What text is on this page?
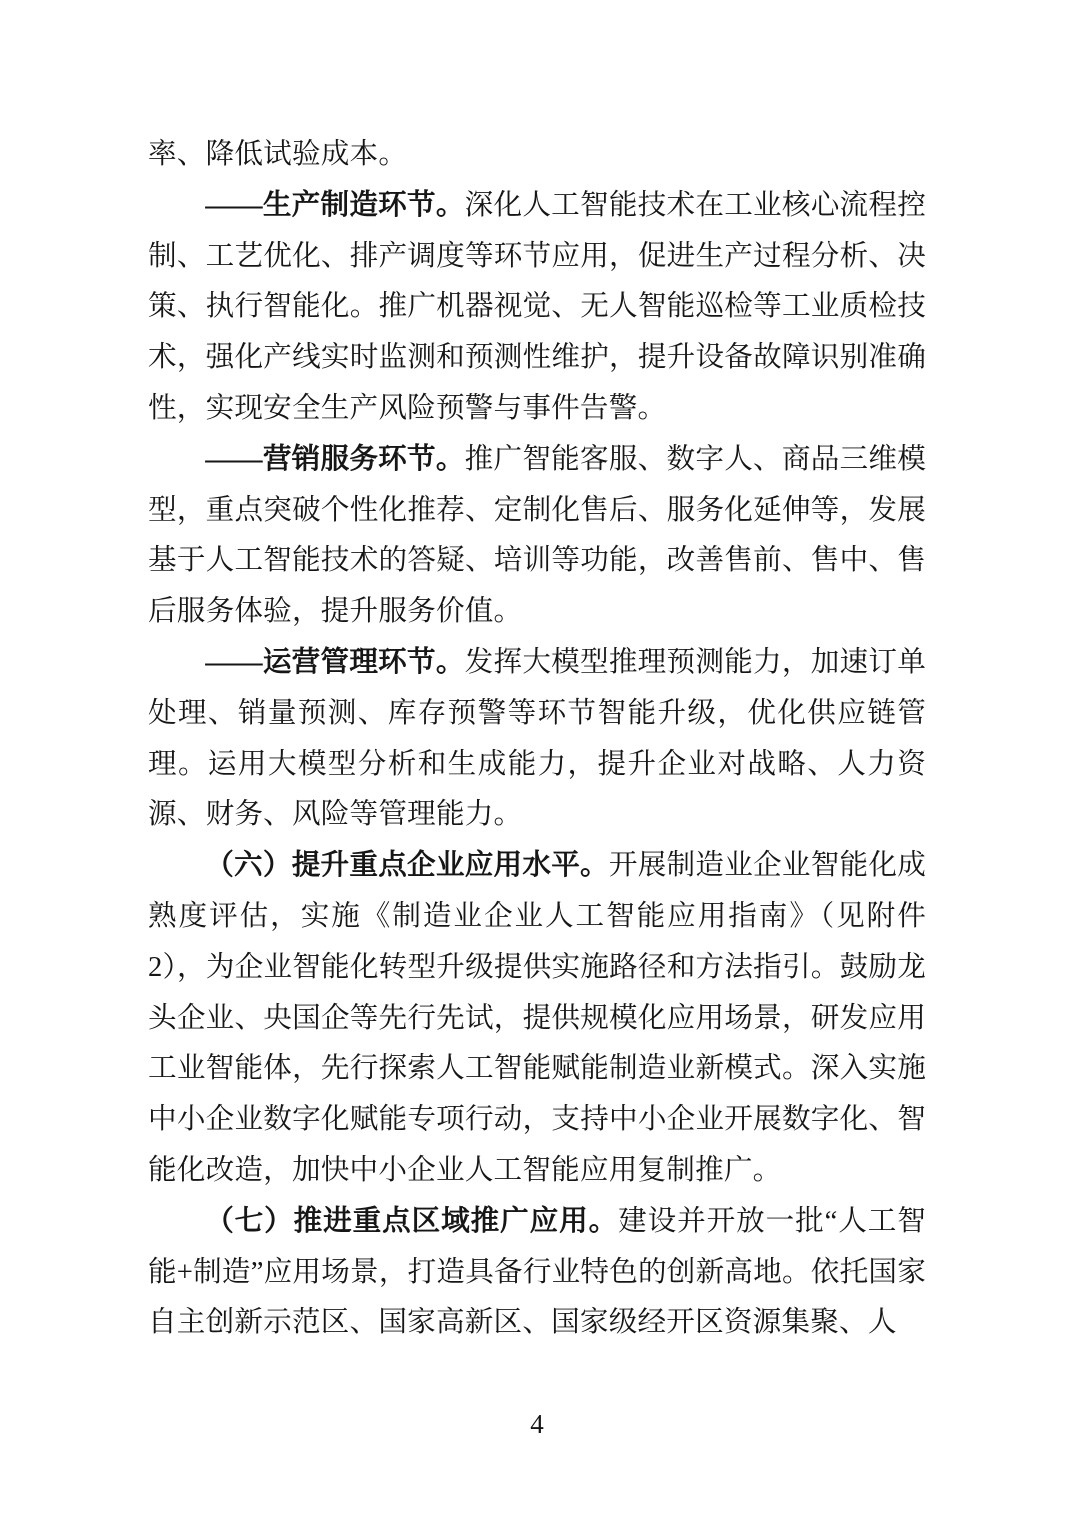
率、降低试验成本。

——生产制造环节。深化人工智能技术在工业核心流程控制、工艺优化、排产调度等环节应用，促进生产过程分析、决策、执行智能化。推广机器视觉、无人智能巡检等工业质检技术，强化产线实时监测和预测性维护，提升设备故障识别准确性，实现安全生产风险预警与事件告警。

——营销服务环节。推广智能客服、数字人、商品三维模型，重点突破个性化推荐、定制化售后、服务化延伸等，发展基于人工智能技术的答疑、培训等功能，改善售前、售中、售后服务体验，提升服务价值。

——运营管理环节。发挥大模型推理预测能力，加速订单处理、销量预测、库存预警等环节智能升级，优化供应链管理。运用大模型分析和生成能力，提升企业对战略、人力资源、财务、风险等管理能力。

（六）提升重点企业应用水平。开展制造业企业智能化成熟度评估，实施《制造业企业人工智能应用指南》（见附件2），为企业智能化转型升级提供实施路径和方法指引。鼓励龙头企业、央国企等先行先试，提供规模化应用场景，研发应用工业智能体，先行探索人工智能赋能制造业新模式。深入实施中小企业数字化赋能专项行动，支持中小企业开展数字化、智能化改造，加快中小企业人工智能应用复制推广。

（七）推进重点区域推广应用。建设并开放一批“人工智能+制造”应用场景，打造具备行业特色的创新高地。依托国家自主创新示范区、国家高新区、国家级经开区资源集聚、人

4
